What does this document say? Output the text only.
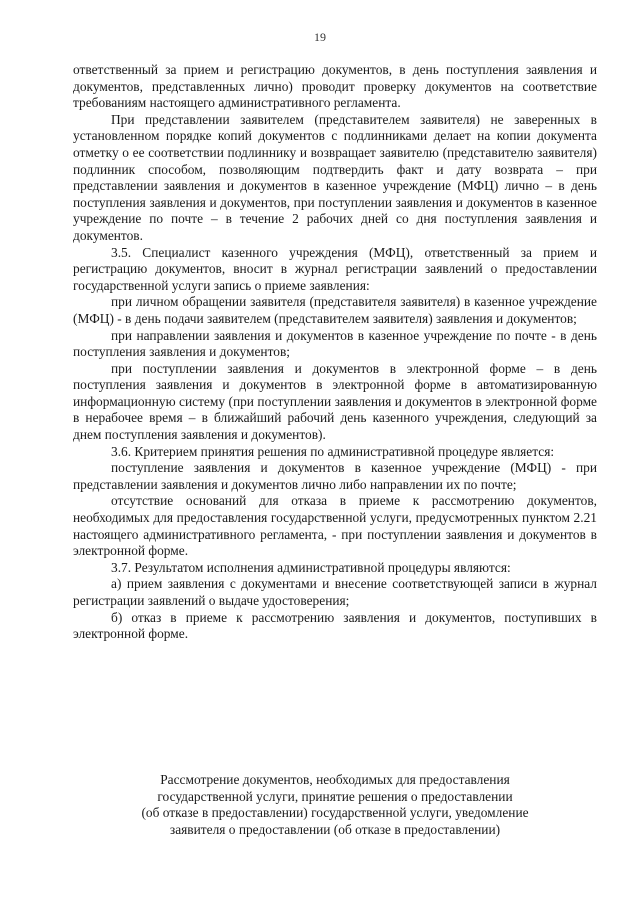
19

ответственный за прием и регистрацию документов, в день поступления заявления и документов, представленных лично) проводит проверку документов на соответствие требованиям настоящего административного регламента.

При представлении заявителем (представителем заявителя) не заверенных в установленном порядке копий документов с подлинниками делает на копии документа отметку о ее соответствии подлиннику и возвращает заявителю (представителю заявителя) подлинник способом, позволяющим подтвердить факт и дату возврата – при представлении заявления и документов в казенное учреждение (МФЦ) лично – в день поступления заявления и документов, при поступлении заявления и документов в казенное учреждение по почте – в течение 2 рабочих дней со дня поступления заявления и документов.

3.5. Специалист казенного учреждения (МФЦ), ответственный за прием и регистрацию документов, вносит в журнал регистрации заявлений о предоставлении государственной услуги запись о приеме заявления:

при личном обращении заявителя (представителя заявителя) в казенное учреждение (МФЦ) - в день подачи заявителем (представителем заявителя) заявления и документов;

при направлении заявления и документов в казенное учреждение по почте - в день поступления заявления и документов;

при поступлении заявления и документов в электронной форме – в день поступления заявления и документов в электронной форме в автоматизированную информационную систему (при поступлении заявления и документов в электронной форме в нерабочее время – в ближайший рабочий день казенного учреждения, следующий за днем поступления заявления и документов).

3.6. Критерием принятия решения по административной процедуре является:

поступление заявления и документов в казенное учреждение (МФЦ) - при представлении заявления и документов лично либо направлении их по почте;

отсутствие оснований для отказа в приеме к рассмотрению документов, необходимых для предоставления государственной услуги, предусмотренных пунктом 2.21 настоящего административного регламента, - при поступлении заявления и документов в электронной форме.

3.7. Результатом исполнения административной процедуры являются:

а) прием заявления с документами и внесение соответствующей записи в журнал регистрации заявлений о выдаче удостоверения;

б) отказ в приеме к рассмотрению заявления и документов, поступивших в электронной форме.

Рассмотрение документов, необходимых для предоставления

государственной услуги, принятие решения о предоставлении

(об отказе в предоставлении) государственной услуги, уведомление

заявителя о предоставлении (об отказе в предоставлении)
